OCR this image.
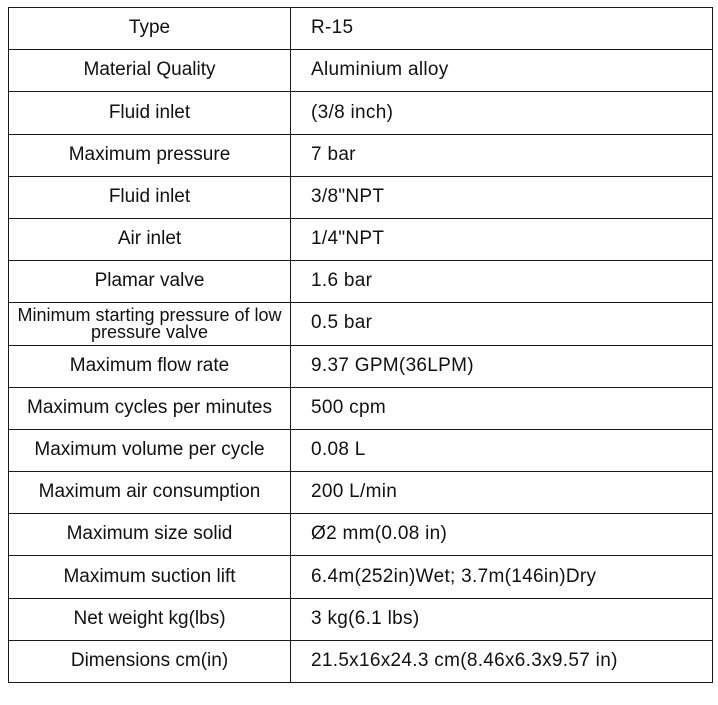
Type	R-15
Material Quality	Aluminium alloy
Fluid inlet	(3/8 inch)
Maximum pressure	7 bar
Fluid inlet	3/8"NPT
Air inlet	1/4"NPT
Plamar valve	1.6 bar
Minimum starting pressure of low pressure valve	0.5 bar
Maximum flow rate	9.37 GPM(36LPM)
Maximum cycles per minutes	500 cpm
Maximum volume per cycle	0.08 L
Maximum air consumption	200 L/min
Maximum size solid	Ø2 mm(0.08 in)
Maximum suction lift	6.4m(252in)Wet; 3.7m(146in)Dry
Net weight kg(lbs)	3 kg(6.1 lbs)
Dimensions cm(in)	21.5x16x24.3 cm(8.46x6.3x9.57 in)
